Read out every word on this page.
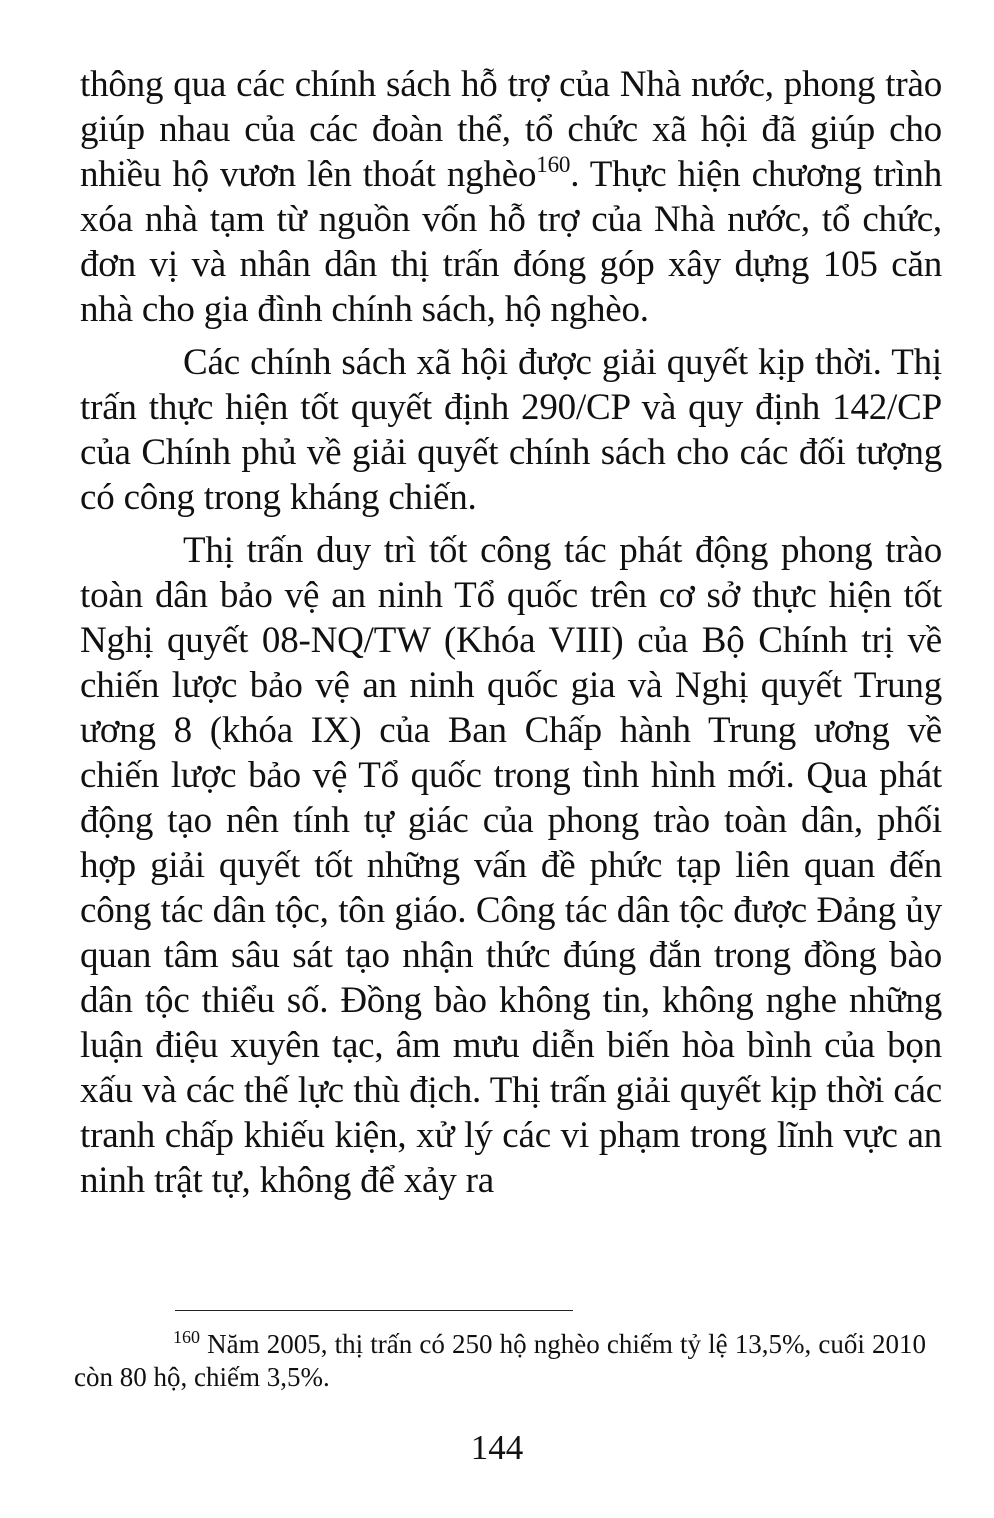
thông qua các chính sách hỗ trợ của Nhà nước, phong trào giúp nhau của các đoàn thể, tổ chức xã hội đã giúp cho nhiều hộ vươn lên thoát nghèo$^{160}$. Thực hiện chương trình xóa nhà tạm từ nguồn vốn hỗ trợ của Nhà nước, tổ chức, đơn vị và nhân dân thị trấn đóng góp xây dựng 105 căn nhà cho gia đình chính sách, hộ nghèo.

Các chính sách xã hội được giải quyết kịp thời. Thị trấn thực hiện tốt quyết định 290/CP và quy định 142/CP của Chính phủ về giải quyết chính sách cho các đối tượng có công trong kháng chiến.

Thị trấn duy trì tốt công tác phát động phong trào toàn dân bảo vệ an ninh Tổ quốc trên cơ sở thực hiện tốt Nghị quyết 08-NQ/TW (Khóa VIII) của Bộ Chính trị về chiến lược bảo vệ an ninh quốc gia và Nghị quyết Trung ương 8 (khóa IX) của Ban Chấp hành Trung ương về chiến lược bảo vệ Tổ quốc trong tình hình mới. Qua phát động tạo nên tính tự giác của phong trào toàn dân, phối hợp giải quyết tốt những vấn đề phức tạp liên quan đến công tác dân tộc, tôn giáo. Công tác dân tộc được Đảng ủy quan tâm sâu sát tạo nhận thức đúng đắn trong đồng bào dân tộc thiểu số. Đồng bào không tin, không nghe những luận điệu xuyên tạc, âm mưu diễn biến hòa bình của bọn xấu và các thế lực thù địch. Thị trấn giải quyết kịp thời các tranh chấp khiếu kiện, xử lý các vi phạm trong lĩnh vực an ninh trật tự, không để xảy ra

$^{160}$ Năm 2005, thị trấn có 250 hộ nghèo chiếm tỷ lệ 13,5%, cuối 2010 còn 80 hộ, chiếm 3,5%.

144
